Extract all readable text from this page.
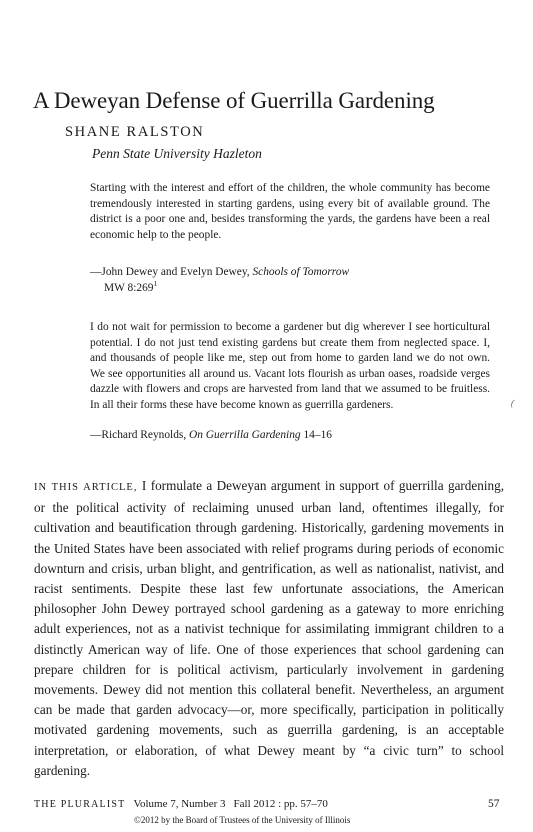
A Deweyan Defense of Guerrilla Gardening
SHANE RALSTON
Penn State University Hazleton

Starting with the interest and effort of the children, the whole community has become tremendously interested in starting gardens, using every bit of available ground. The district is a poor one and, besides transforming the yards, the gardens have been a real economic help to the people.

—John Dewey and Evelyn Dewey, Schools of Tomorrow
MW $8:269^1$

I do not wait for permission to become a gardener but dig wherever I see horticultural potential. I do not just tend existing gardens but create them from neglected space. I, and thousands of people like me, step out from home to garden land we do not own. We see opportunities all around us. Vacant lots flourish as urban oases, roadside verges dazzle with flowers and crops are harvested from land that we assumed to be fruitless. In all their forms these have become known as guerrilla gardeners.	(
—Richard Reynolds, On Guerrilla Gardening 14–16

IN THIS ARTICLE, I formulate a Deweyan argument in support of guerrilla gardening, or the political activity of reclaiming unused urban land, oftentimes illegally, for cultivation and beautification through gardening. Historically, gardening movements in the United States have been associated with relief programs during periods of economic downturn and crisis, urban blight, and gentrification, as well as nationalist, nativist, and racist sentiments. Despite these last few unfortunate associations, the American philosopher John Dewey portrayed school gardening as a gateway to more enriching adult experiences, not as a nativist technique for assimilating immigrant children to a distinctly American way of life. One of those experiences that school gardening can prepare children for is political activism, particularly involvement in gardening movements. Dewey did not mention this collateral benefit. Nevertheless, an argument can be made that garden advocacy—or, more specifically, participation in politically motivated gardening movements, such as guerrilla gardening, is an acceptable interpretation, or elaboration, of what Dewey meant by “a civic turn” to school gardening.

THE PLURALIST Volume 7, Number 3 Fall 2012 : pp. 57–70	57
©2012 by the Board of Trustees of the University of Illinois
